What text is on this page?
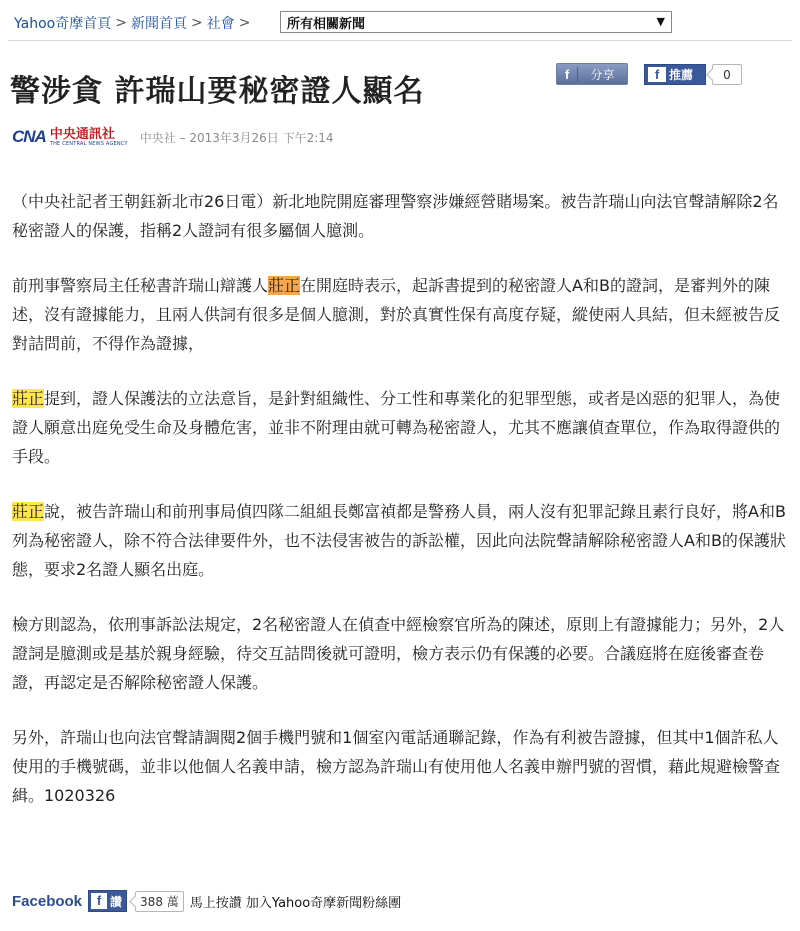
Yahoo奇摩首頁 > 新聞首頁 > 社會 >	所有相關新聞	▼
警涉貪 許瑞山要秘密證人顯名	f	分享	f 推薦	0
CNA 中央通訊社
THE CENTRAL NEWS AGENCY 中央社 – 2013年3月26日 下午2:14

（中央社記者王朝鈺新北市26日電）新北地院開庭審理警察涉嫌經營賭場案。被告許瑞山向法官聲請解除2名秘密證人的保護，指稱2人證詞有很多屬個人臆測。

前刑事警察局主任秘書許瑞山辯護人莊正在開庭時表示，起訴書提到的秘密證人A和B的證詞，是審判外的陳述，沒有證據能力，且兩人供詞有很多是個人臆測，對於真實性保有高度存疑，縱使兩人具結，但未經被告反對詰問前，不得作為證據，

莊正提到，證人保護法的立法意旨，是針對組織性、分工性和專業化的犯罪型態，或者是凶惡的犯罪人，為使證人願意出庭免受生命及身體危害，並非不附理由就可轉為秘密證人，尤其不應讓偵查單位，作為取得證供的手段。

莊正說，被告許瑞山和前刑事局偵四隊二組組長鄭富禎都是警務人員，兩人沒有犯罪記錄且素行良好，將A和B列為秘密證人，除不符合法律要件外，也不法侵害被告的訴訟權，因此向法院聲請解除秘密證人A和B的保護狀態，要求2名證人顯名出庭。

檢方則認為，依刑事訴訟法規定，2名秘密證人在偵查中經檢察官所為的陳述，原則上有證據能力；另外，2人證詞是臆測或是基於親身經驗，待交互詰問後就可證明，檢方表示仍有保護的必要。合議庭將在庭後審查卷證，再認定是否解除秘密證人保護。

另外，許瑞山也向法官聲請調閱2個手機門號和1個室內電話通聯記錄，作為有利被告證據，但其中1個許私人使用的手機號碼，並非以他個人名義申請，檢方認為許瑞山有使用他人名義申辦門號的習慣，藉此規避檢警查緝。1020326

Facebook	f 讚	388 萬 馬上按讚 加入Yahoo奇摩新聞粉絲團
